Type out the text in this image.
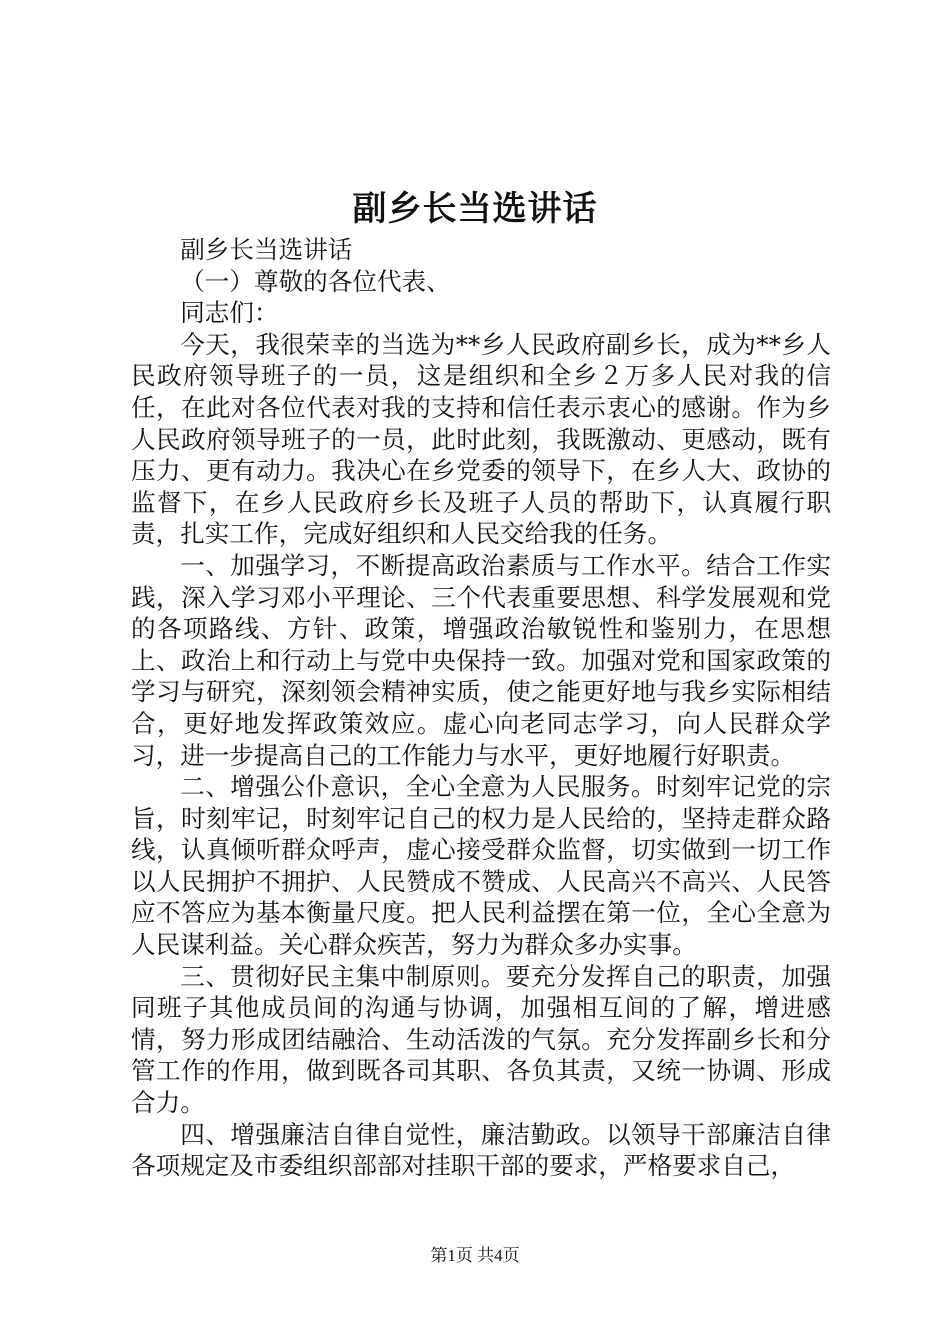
副乡长当选讲话

副乡长当选讲话

（一）尊敬的各位代表、

同志们：

今天，我很荣幸的当选为**乡人民政府副乡长，成为**乡人民政府领导班子的一员，这是组织和全乡２万多人民对我的信任，在此对各位代表对我的支持和信任表示衷心的感谢。作为乡人民政府领导班子的一员，此时此刻，我既激动、更感动，既有压力、更有动力。我决心在乡党委的领导下，在乡人大、政协的监督下，在乡人民政府乡长及班子人员的帮助下，认真履行职责，扎实工作，完成好组织和人民交给我的任务。

一、加强学习，不断提高政治素质与工作水平。结合工作实践，深入学习邓小平理论、三个代表重要思想、科学发展观和党的各项路线、方针、政策，增强政治敏锐性和鉴别力，在思想上、政治上和行动上与党中央保持一致。加强对党和国家政策的学习与研究，深刻领会精神实质，使之能更好地与我乡实际相结合，更好地发挥政策效应。虚心向老同志学习，向人民群众学习，进一步提高自己的工作能力与水平，更好地履行好职责。

二、增强公仆意识，全心全意为人民服务。时刻牢记党的宗旨，时刻牢记，时刻牢记自己的权力是人民给的，坚持走群众路线，认真倾听群众呼声，虚心接受群众监督，切实做到一切工作以人民拥护不拥护、人民赞成不赞成、人民高兴不高兴、人民答应不答应为基本衡量尺度。把人民利益摆在第一位，全心全意为人民谋利益。关心群众疾苦，努力为群众多办实事。

三、贯彻好民主集中制原则。要充分发挥自己的职责，加强同班子其他成员间的沟通与协调，加强相互间的了解，增进感情，努力形成团结融洽、生动活泼的气氛。充分发挥副乡长和分管工作的作用，做到既各司其职、各负其责，又统一协调、形成合力。

四、增强廉洁自律自觉性，廉洁勤政。以领导干部廉洁自律各项规定及市委组织部部对挂职干部的要求，严格要求自己，

第1页 共4页
